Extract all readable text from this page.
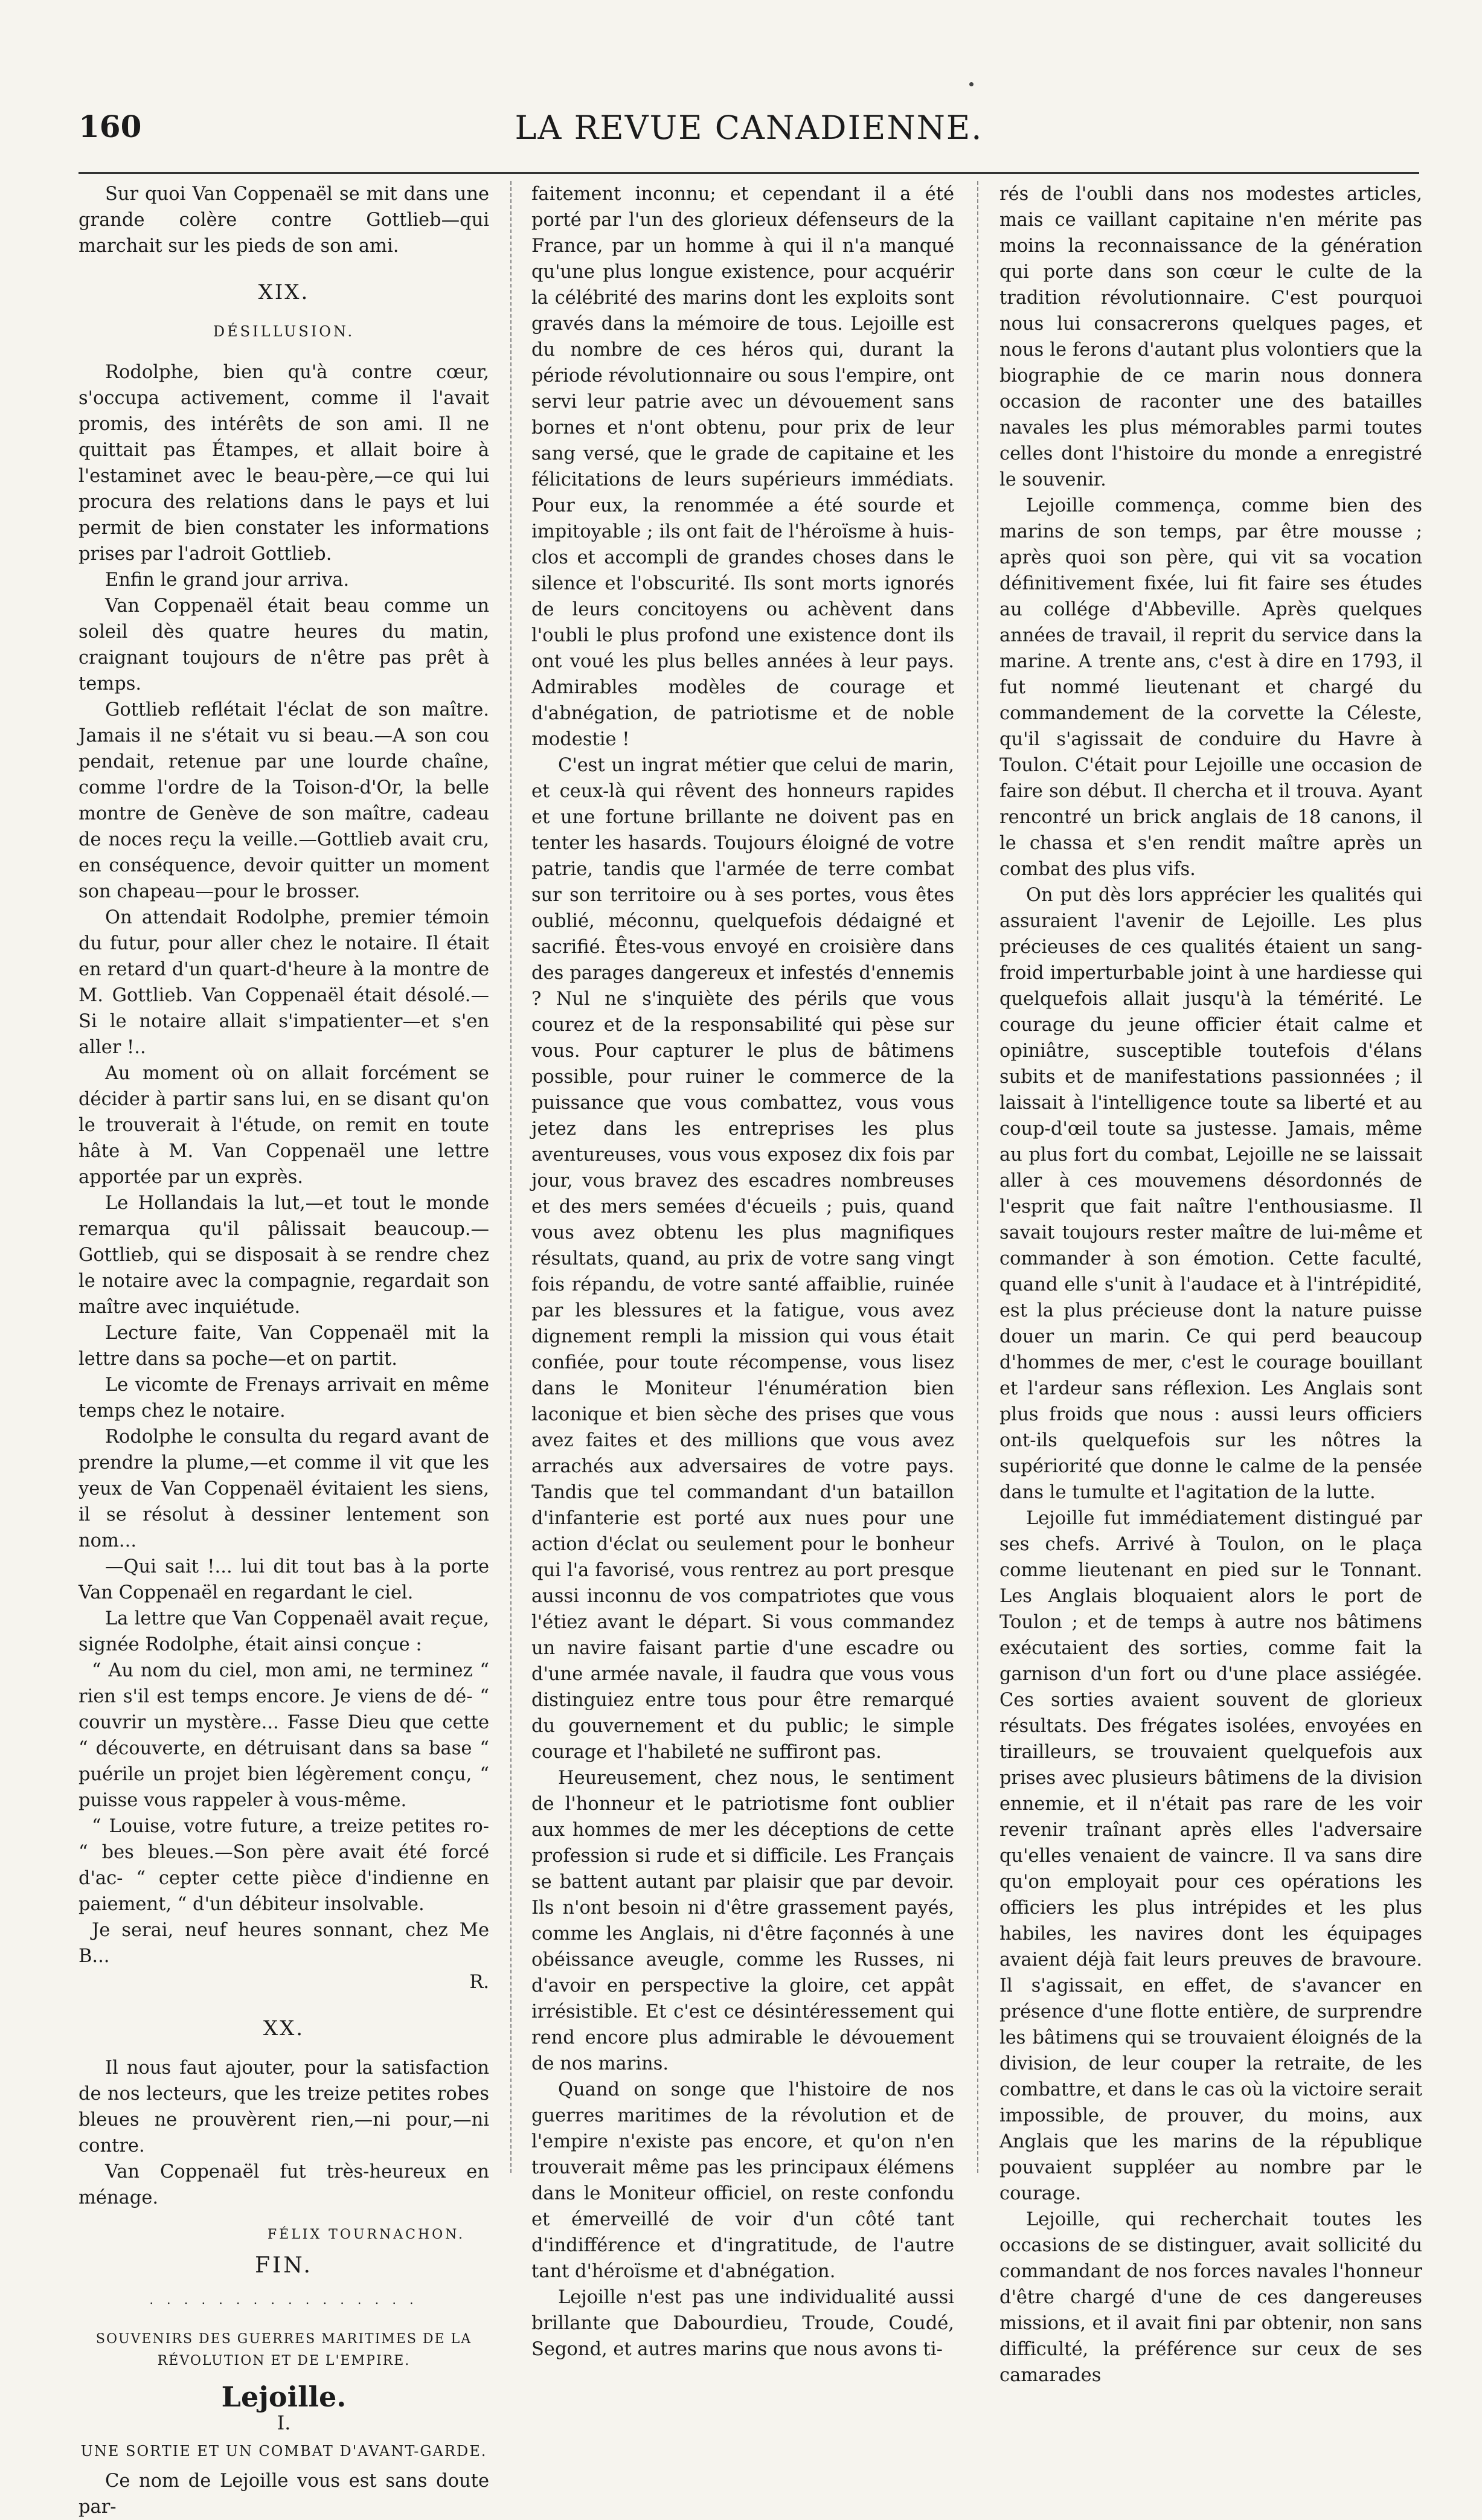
160	LA REVUE CANADIENNE.

Sur quoi Van Coppenaël se mit dans une grande colère contre Gottlieb—qui marchait sur les pieds de son ami.

XIX.
DÉSILLUSION.

Rodolphe, bien qu'à contre cœur, s'occupa activement, comme il l'avait promis, des intérêts de son ami. Il ne quittait pas Étampes, et allait boire à l'estaminet avec le beau-père,—ce qui lui procura des relations dans le pays et lui permit de bien constater les informations prises par l'adroit Gottlieb.

Enfin le grand jour arriva.

Van Coppenaël était beau comme un soleil dès quatre heures du matin, craignant toujours de n'être pas prêt à temps.

Gottlieb reflétait l'éclat de son maître. Jamais il ne s'était vu si beau.—A son cou pendait, retenue par une lourde chaîne, comme l'ordre de la Toison-d'Or, la belle montre de Genève de son maître, cadeau de noces reçu la veille.—Gottlieb avait cru, en conséquence, devoir quitter un moment son chapeau—pour le brosser.

On attendait Rodolphe, premier témoin du futur, pour aller chez le notaire. Il était en retard d'un quart-d'heure à la montre de M. Gottlieb. Van Coppenaël était désolé.—Si le notaire allait s'impatienter—et s'en aller !..

Au moment où on allait forcément se décider à partir sans lui, en se disant qu'on le trouverait à l'étude, on remit en toute hâte à M. Van Coppenaël une lettre apportée par un exprès.

Le Hollandais la lut,—et tout le monde remarqua qu'il pâlissait beaucoup.—Gottlieb, qui se disposait à se rendre chez le notaire avec la compagnie, regardait son maître avec inquiétude.

Lecture faite, Van Coppenaël mit la lettre dans sa poche—et on partit.

Le vicomte de Frenays arrivait en même temps chez le notaire.

Rodolphe le consulta du regard avant de prendre la plume,—et comme il vit que les yeux de Van Coppenaël évitaient les siens, il se résolut à dessiner lentement son nom...

—Qui sait !... lui dit tout bas à la porte Van Coppenaël en regardant le ciel.

La lettre que Van Coppenaël avait reçue, signée Rodolphe, était ainsi conçue :

“ Au nom du ciel, mon ami, ne terminez “ rien s'il est temps encore. Je viens de dé- “ couvrir un mystère... Fasse Dieu que cette “ découverte, en détruisant dans sa base “ puérile un projet bien légèrement conçu, “ puisse vous rappeler à vous-même.

“ Louise, votre future, a treize petites ro- “ bes bleues.—Son père avait été forcé d'ac- “ cepter cette pièce d'indienne en paiement, “ d'un débiteur insolvable.

Je serai, neuf heures sonnant, chez Me B...

R.

XX.

Il nous faut ajouter, pour la satisfaction de nos lecteurs, que les treize petites robes bleues ne prouvèrent rien,—ni pour,—ni contre.

Van Coppenaël fut très-heureux en ménage.

FÉLIX TOURNACHON.
FIN.
. . . . . . . . . . . . . . . .
SOUVENIRS DES GUERRES MARITIMES DE LA RÉVOLUTION ET DE L'EMPIRE.
Lejoille.
I.
UNE SORTIE ET UN COMBAT D'AVANT-GARDE.

Ce nom de Lejoille vous est sans doute par-

faitement inconnu; et cependant il a été porté par l'un des glorieux défenseurs de la France, par un homme à qui il n'a manqué qu'une plus longue existence, pour acquérir la célébrité des marins dont les exploits sont gravés dans la mémoire de tous. Lejoille est du nombre de ces héros qui, durant la période révolutionnaire ou sous l'empire, ont servi leur patrie avec un dévouement sans bornes et n'ont obtenu, pour prix de leur sang versé, que le grade de capitaine et les félicitations de leurs supérieurs immédiats. Pour eux, la renommée a été sourde et impitoyable ; ils ont fait de l'héroïsme à huis-clos et accompli de grandes choses dans le silence et l'obscurité. Ils sont morts ignorés de leurs concitoyens ou achèvent dans l'oubli le plus profond une existence dont ils ont voué les plus belles années à leur pays. Admirables modèles de courage et d'abnégation, de patriotisme et de noble modestie !

C'est un ingrat métier que celui de marin, et ceux-là qui rêvent des honneurs rapides et une fortune brillante ne doivent pas en tenter les hasards. Toujours éloigné de votre patrie, tandis que l'armée de terre combat sur son territoire ou à ses portes, vous êtes oublié, méconnu, quelquefois dédaigné et sacrifié. Êtes-vous envoyé en croisière dans des parages dangereux et infestés d'ennemis ? Nul ne s'inquiète des périls que vous courez et de la responsabilité qui pèse sur vous. Pour capturer le plus de bâtimens possible, pour ruiner le commerce de la puissance que vous combattez, vous vous jetez dans les entreprises les plus aventureuses, vous vous exposez dix fois par jour, vous bravez des escadres nombreuses et des mers semées d'écueils ; puis, quand vous avez obtenu les plus magnifiques résultats, quand, au prix de votre sang vingt fois répandu, de votre santé affaiblie, ruinée par les blessures et la fatigue, vous avez dignement rempli la mission qui vous était confiée, pour toute récompense, vous lisez dans le Moniteur l'énumération bien laconique et bien sèche des prises que vous avez faites et des millions que vous avez arrachés aux adversaires de votre pays. Tandis que tel commandant d'un bataillon d'infanterie est porté aux nues pour une action d'éclat ou seulement pour le bonheur qui l'a favorisé, vous rentrez au port presque aussi inconnu de vos compatriotes que vous l'étiez avant le départ. Si vous commandez un navire faisant partie d'une escadre ou d'une armée navale, il faudra que vous vous distinguiez entre tous pour être remarqué du gouvernement et du public; le simple courage et l'habileté ne suffiront pas.

Heureusement, chez nous, le sentiment de l'honneur et le patriotisme font oublier aux hommes de mer les déceptions de cette profession si rude et si difficile. Les Français se battent autant par plaisir que par devoir. Ils n'ont besoin ni d'être grassement payés, comme les Anglais, ni d'être façonnés à une obéissance aveugle, comme les Russes, ni d'avoir en perspective la gloire, cet appât irrésistible. Et c'est ce désintéressement qui rend encore plus admirable le dévouement de nos marins.

Quand on songe que l'histoire de nos guerres maritimes de la révolution et de l'empire n'existe pas encore, et qu'on n'en trouverait même pas les principaux élémens dans le Moniteur officiel, on reste confondu et émerveillé de voir d'un côté tant d'indifférence et d'ingratitude, de l'autre tant d'héroïsme et d'abnégation.

Lejoille n'est pas une individualité aussi brillante que Dabourdieu, Troude, Coudé, Segond, et autres marins que nous avons ti-

rés de l'oubli dans nos modestes articles, mais ce vaillant capitaine n'en mérite pas moins la reconnaissance de la génération qui porte dans son cœur le culte de la tradition révolutionnaire. C'est pourquoi nous lui consacrerons quelques pages, et nous le ferons d'autant plus volontiers que la biographie de ce marin nous donnera occasion de raconter une des batailles navales les plus mémorables parmi toutes celles dont l'histoire du monde a enregistré le souvenir.

Lejoille commença, comme bien des marins de son temps, par être mousse ; après quoi son père, qui vit sa vocation définitivement fixée, lui fit faire ses études au collége d'Abbeville. Après quelques années de travail, il reprit du service dans la marine. A trente ans, c'est à dire en 1793, il fut nommé lieutenant et chargé du commandement de la corvette la Céleste, qu'il s'agissait de conduire du Havre à Toulon. C'était pour Lejoille une occasion de faire son début. Il chercha et il trouva. Ayant rencontré un brick anglais de 18 canons, il le chassa et s'en rendit maître après un combat des plus vifs.

On put dès lors apprécier les qualités qui assuraient l'avenir de Lejoille. Les plus précieuses de ces qualités étaient un sang-froid imperturbable joint à une hardiesse qui quelquefois allait jusqu'à la témérité. Le courage du jeune officier était calme et opiniâtre, susceptible toutefois d'élans subits et de manifestations passionnées ; il laissait à l'intelligence toute sa liberté et au coup-d'œil toute sa justesse. Jamais, même au plus fort du combat, Lejoille ne se laissait aller à ces mouvemens désordonnés de l'esprit que fait naître l'enthousiasme. Il savait toujours rester maître de lui-même et commander à son émotion. Cette faculté, quand elle s'unit à l'audace et à l'intrépidité, est la plus précieuse dont la nature puisse douer un marin. Ce qui perd beaucoup d'hommes de mer, c'est le courage bouillant et l'ardeur sans réflexion. Les Anglais sont plus froids que nous : aussi leurs officiers ont-ils quelquefois sur les nôtres la supériorité que donne le calme de la pensée dans le tumulte et l'agitation de la lutte.

Lejoille fut immédiatement distingué par ses chefs. Arrivé à Toulon, on le plaça comme lieutenant en pied sur le Tonnant. Les Anglais bloquaient alors le port de Toulon ; et de temps à autre nos bâtimens exécutaient des sorties, comme fait la garnison d'un fort ou d'une place assiégée. Ces sorties avaient souvent de glorieux résultats. Des frégates isolées, envoyées en tirailleurs, se trouvaient quelquefois aux prises avec plusieurs bâtimens de la division ennemie, et il n'était pas rare de les voir revenir traînant après elles l'adversaire qu'elles venaient de vaincre. Il va sans dire qu'on employait pour ces opérations les officiers les plus intrépides et les plus habiles, les navires dont les équipages avaient déjà fait leurs preuves de bravoure. Il s'agissait, en effet, de s'avancer en présence d'une flotte entière, de surprendre les bâtimens qui se trouvaient éloignés de la division, de leur couper la retraite, de les combattre, et dans le cas où la victoire serait impossible, de prouver, du moins, aux Anglais que les marins de la république pouvaient suppléer au nombre par le courage.

Lejoille, qui recherchait toutes les occasions de se distinguer, avait sollicité du commandant de nos forces navales l'honneur d'être chargé d'une de ces dangereuses missions, et il avait fini par obtenir, non sans difficulté, la préférence sur ceux de ses camarades
